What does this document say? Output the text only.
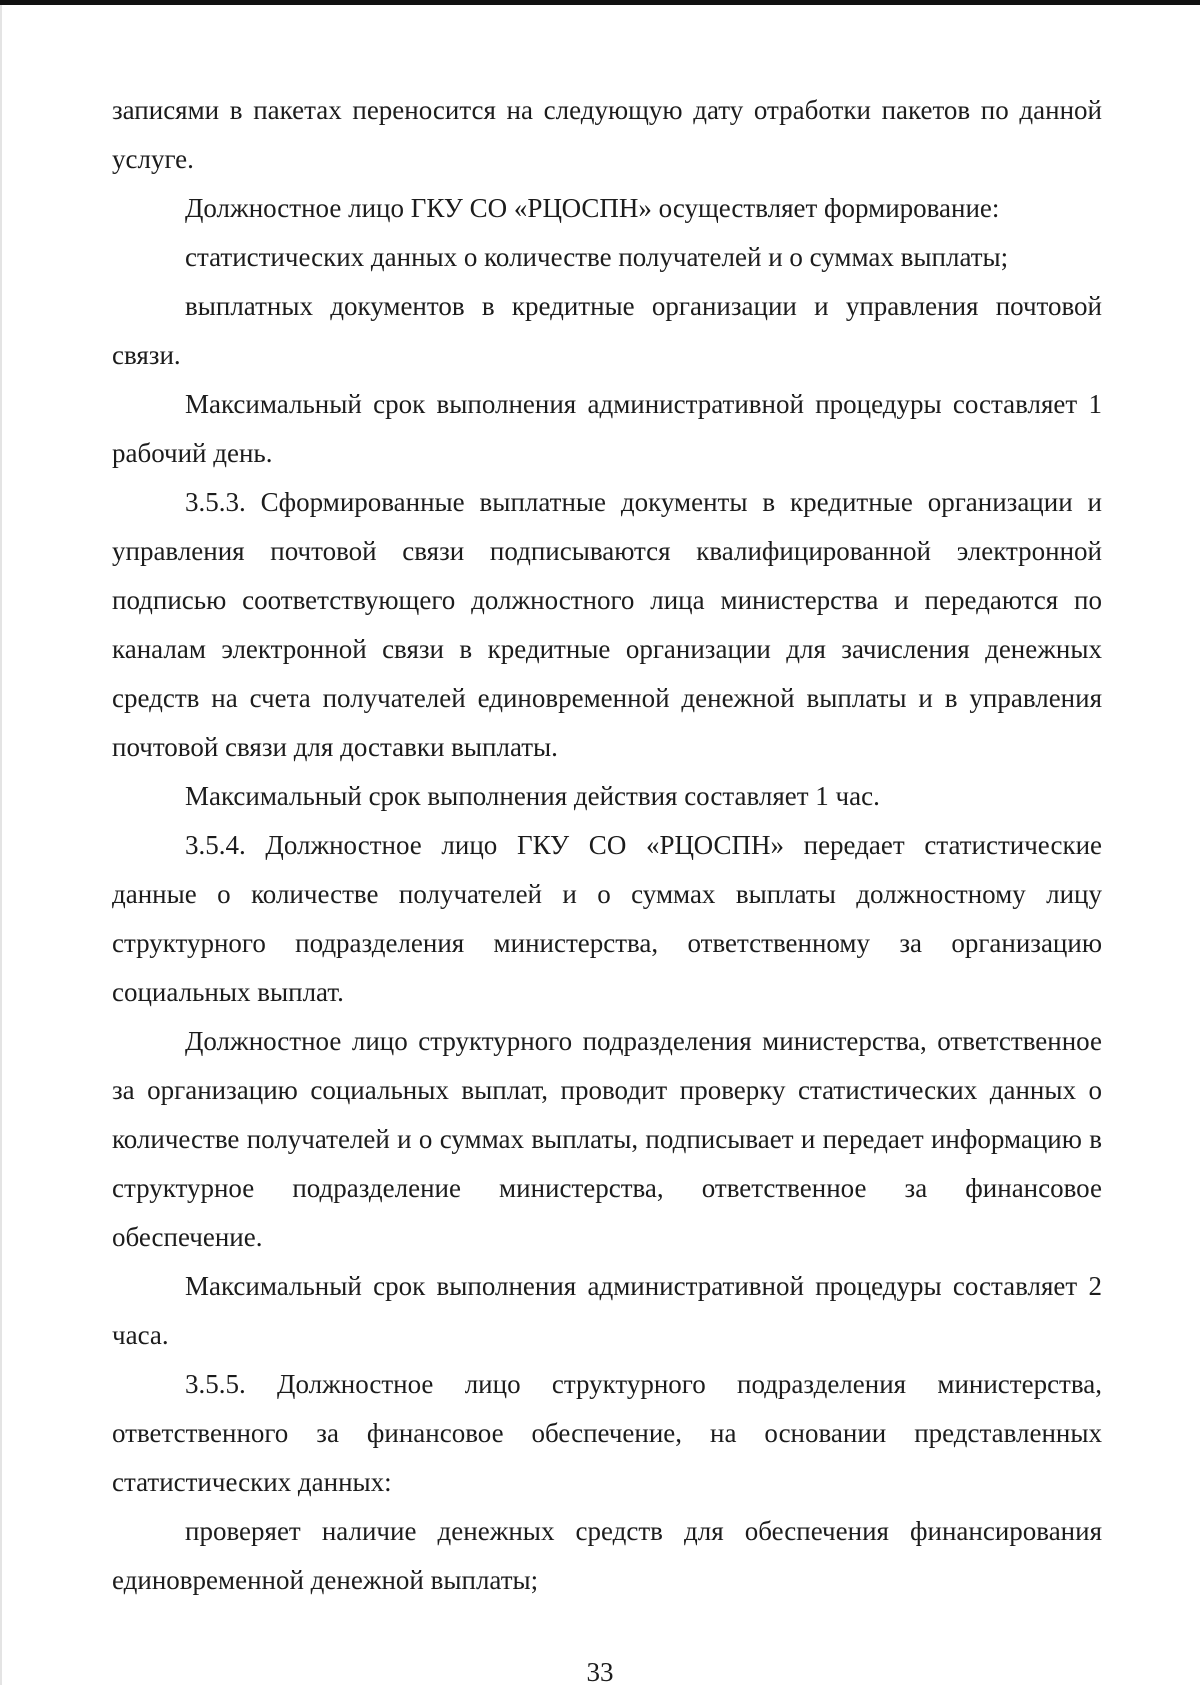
записями в пакетах переносится на следующую дату отработки пакетов по данной услуге.

Должностное лицо ГКУ СО «РЦОСПН» осуществляет формирование:

статистических данных о количестве получателей и о суммах выплаты;

выплатных документов в кредитные организации и управления почтовой связи.

Максимальный срок выполнения административной процедуры составляет 1 рабочий день.

3.5.3. Сформированные выплатные документы в кредитные организации и управления почтовой связи подписываются квалифицированной электронной подписью соответствующего должностного лица министерства и передаются по каналам электронной связи в кредитные организации для зачисления денежных средств на счета получателей единовременной денежной выплаты и в управления почтовой связи для доставки выплаты.

Максимальный срок выполнения действия составляет 1 час.

3.5.4. Должностное лицо ГКУ СО «РЦОСПН» передает статистические данные о количестве получателей и о суммах выплаты должностному лицу структурного подразделения министерства, ответственному за организацию социальных выплат.

Должностное лицо структурного подразделения министерства, ответственное за организацию социальных выплат, проводит проверку статистических данных о количестве получателей и о суммах выплаты, подписывает и передает информацию в структурное подразделение министерства, ответственное за финансовое обеспечение.

Максимальный срок выполнения административной процедуры составляет 2 часа.

3.5.5. Должностное лицо структурного подразделения министерства, ответственного за финансовое обеспечение, на основании представленных статистических данных:

проверяет наличие денежных средств для обеспечения финансирования единовременной денежной выплаты;

33
